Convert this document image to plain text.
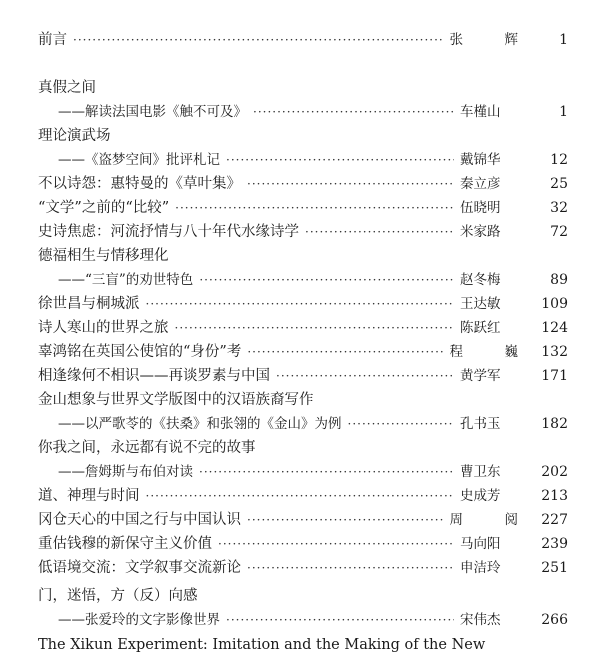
前言 ·····	张　辉	1
真假之间
——解读法国电影《触不可及》 ·····	车槿山	1
理论演武场
——《盗梦空间》批评札记 ·····	戴锦华	12
不以诗怨：惠特曼的《草叶集》 ·····	秦立彦	25
“文学”之前的“比较” ·····	伍晓明	32
史诗焦虑：河流抒情与八十年代水缘诗学 ·····	米家路	72
德福相生与情移理化
——“三盲”的劝世特色 ·····	赵冬梅	89
徐世昌与桐城派 ·····	王达敏	109
诗人寒山的世界之旅 ·····	陈跃红	124
辜鸿铭在英国公使馆的“身份”考 ·····	程　巍 132
相逢缘何不相识——再谈罗素与中国 ·····	黄学军	171
金山想象与世界文学版图中的汉语族裔写作
——以严歌苓的《扶桑》和张翎的《金山》为例 ·····	孔书玉	182
你我之间，永远都有说不完的故事
——詹姆斯与布伯对读 ·····	曹卫东	202
道、神理与时间 ·····	史成芳	213
冈仓天心的中国之行与中国认识 ·····	周　阅 227
重估钱穆的新保守主义价值 ·····	马向阳	239
低语境交流：文学叙事交流新论 ·····	申洁玲	251
门，迷悟，方（反）向感
——张爱玲的文字影像世界 ·····	宋伟杰	266
The Xikun Experiment: Imitation and the Making of the New
